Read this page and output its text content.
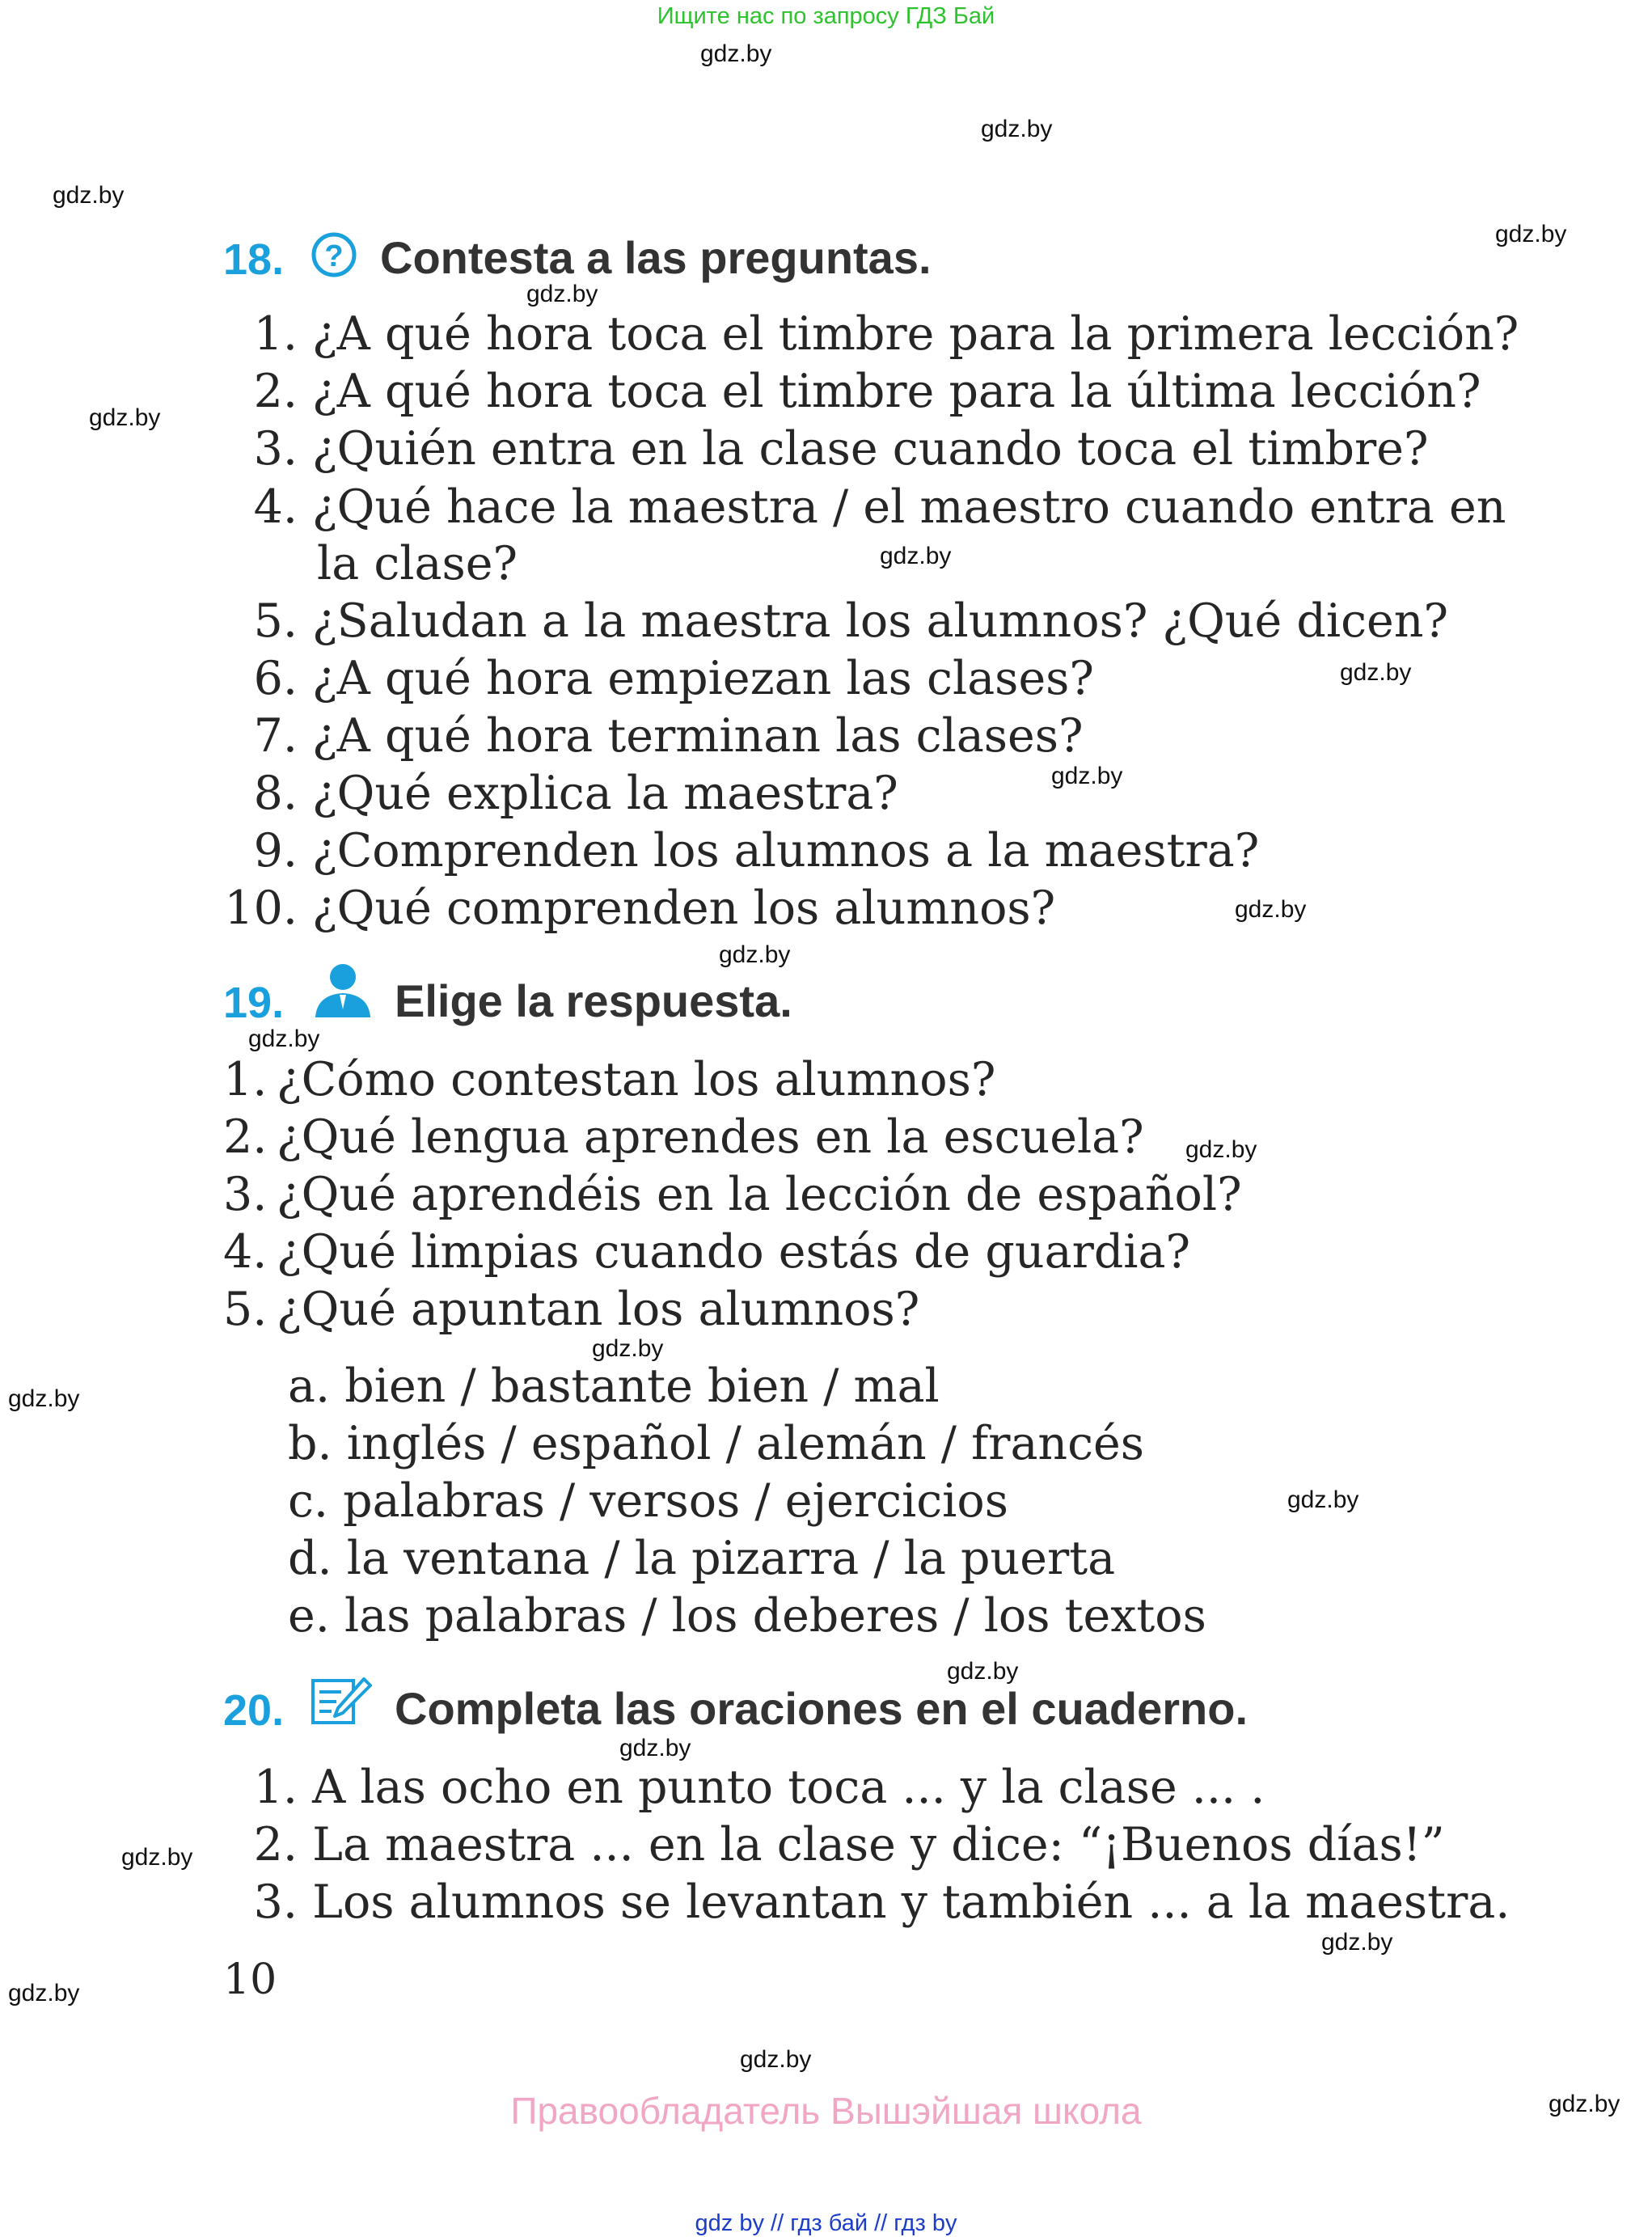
Ищите нас по запросу ГДЗ Бай
gdz.by
gdz.by
gdz.by
gdz.by
gdz.by
gdz.by
gdz.by
gdz.by
gdz.by
gdz.by
gdz.by
gdz.by
gdz.by
gdz.by
gdz.by
gdz.by
gdz.by
gdz.by
gdz.by
gdz.by
gdz.by
gdz.by
gdz.by
18. ? Contesta a las preguntas.
1. ¿A qué hora toca el timbre para la primera lección?
2. ¿A qué hora toca el timbre para la última lección?
3. ¿Quién entra en la clase cuando toca el timbre?
4. ¿Qué hace la maestra / el maestro cuando entra en
la clase?
5. ¿Saludan a la maestra los alumnos? ¿Qué dicen?
6. ¿A qué hora empiezan las clases?
7. ¿A qué hora terminan las clases?
8. ¿Qué explica la maestra?
9. ¿Comprenden los alumnos a la maestra?
10. ¿Qué comprenden los alumnos?
19. Elige la respuesta.
1. ¿Cómo contestan los alumnos?
2. ¿Qué lengua aprendes en la escuela?
3. ¿Qué aprendéis en la lección de español?
4. ¿Qué limpias cuando estás de guardia?
5. ¿Qué apuntan los alumnos?
a. bien / bastante bien / mal
b. inglés / español / alemán / francés
c. palabras / versos / ejercicios
d. la ventana / la pizarra / la puerta
e. las palabras / los deberes / los textos
20. Completa las oraciones en el cuaderno.
1. A las ocho en punto toca ... y la clase ... .
2. La maestra ... en la clase y dice: “¡Buenos días!”
3. Los alumnos se levantan y también ... a la maestra.
10
Правообладатель Вышэйшая школа
gdz by // гдз бай // гдз by
